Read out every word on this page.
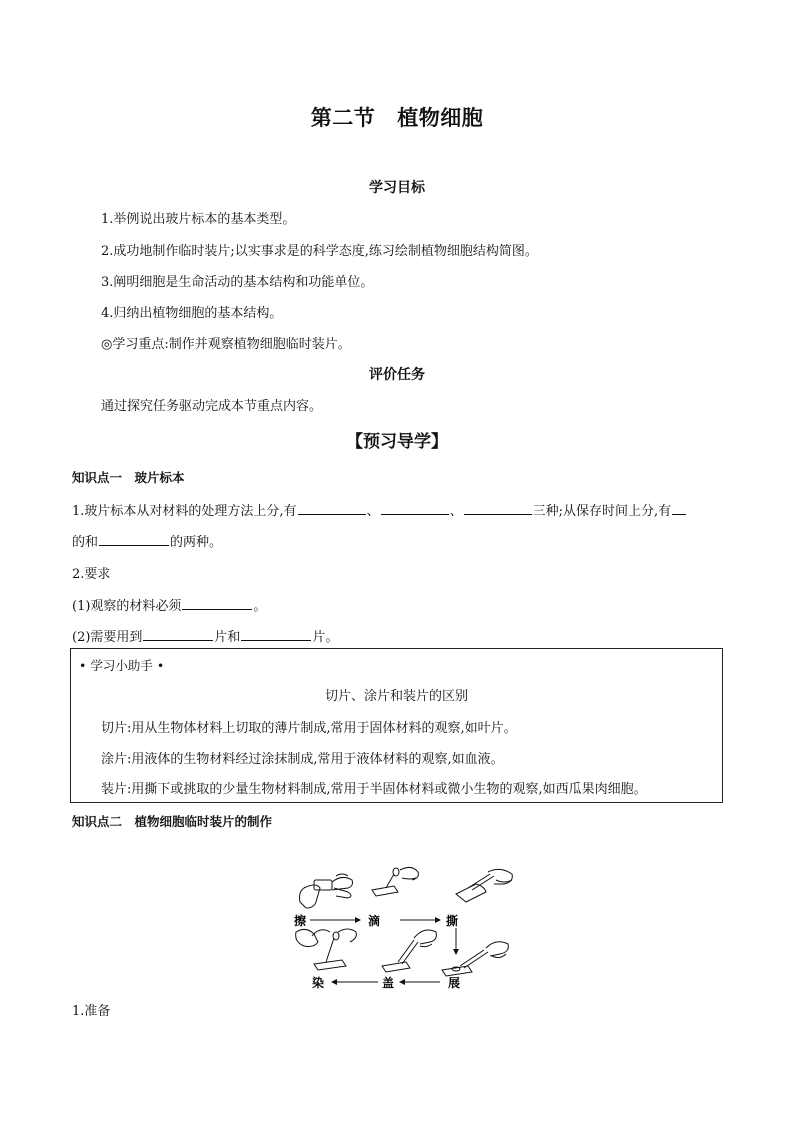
第二节 植物细胞
学习目标
1.举例说出玻片标本的基本类型。
2.成功地制作临时装片;以实事求是的科学态度,练习绘制植物细胞结构简图。
3.阐明细胞是生命活动的基本结构和功能单位。
4.归纳出植物细胞的基本结构。
◎学习重点:制作并观察植物细胞临时装片。
评价任务
通过探究任务驱动完成本节重点内容。
【预习导学】
知识点一　玻片标本
1.玻片标本从对材料的处理方法上分,有	、	、	三种;从保存时间上分,有
的和	的两种。
2.要求
(1)观察的材料必须	。
(2)需要用到	片和	片。
• 学习小助手 •
切片、涂片和装片的区别
切片:用从生物体材料上切取的薄片制成,常用于固体材料的观察,如叶片。
涂片:用液体的生物材料经过涂抹制成,常用于液体材料的观察,如血液。
装片:用撕下或挑取的少量生物材料制成,常用于半固体材料或微小生物的观察,如西瓜果肉细胞。
知识点二　植物细胞临时装片的制作
擦	滴	撕
染	盖	展
1.准备
